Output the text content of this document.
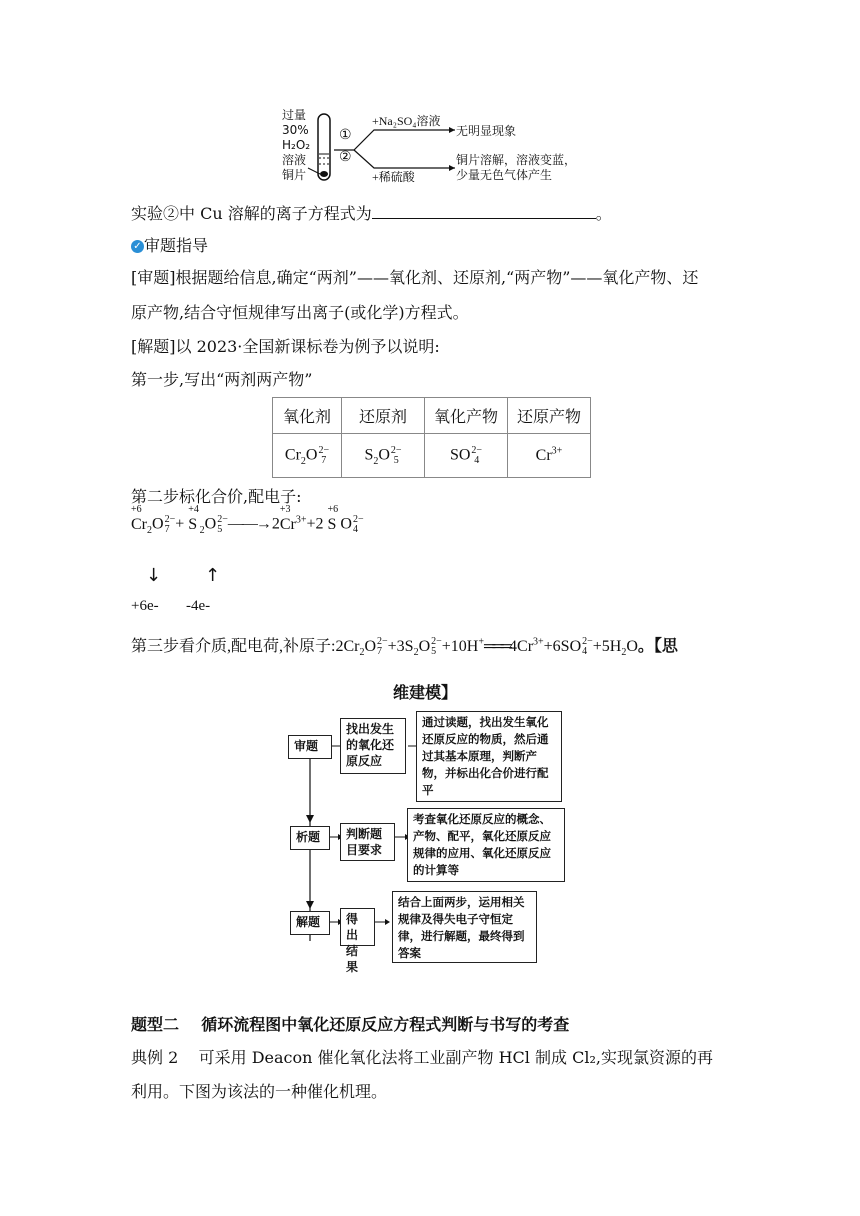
过量
30%
H₂O₂
溶液
铜片
①
②
+Na₂SO₄溶液
无明显现象
+稀硫酸
铜片溶解，溶液变蓝，
少量无色气体产生
实验②中 Cu 溶解的离子方程式为	。
✓ 审题指导
[审题]根据题给信息,确定“两剂”——氧化剂、还原剂,“两产物”——氧化产物、还
原产物,结合守恒规律写出离子(或化学)方程式。
[解题]以 2023·全国新课标卷为例予以说明:
第一步,写出“两剂两产物”
氧化剂	还原剂	氧化产物	还原产物
$Cr_2O$ 2−
7	$S_2O$ 2−
5	SO 2−
4	$Cr^{3+}$
第二步标化合价,配电子:
Cr
+6
$_2$O 2−
7 + S
+4
$_2$O 2−
5 ——→2Cr
+3
$^{3+}$+2 S
+6
O 2−
4
↓ ↑
+6e- -4e-
第三步看介质,配电荷,补原子$:2Cr_2O$ 2−
$7 +3S_2O$ 2−
$5 +10H^+═══4Cr^{3+}+6SO$ 2−
$4 +5H_2O$。【思
维建模】
审题
找出发生的氧化还原反应
通过读题，找出发生氧化还原反应的物质，然后通过其基本原理，判断产物，并标出化合价进行配平
析题	判断题目要求
考查氧化还原反应的概念、产物、配平，氧化还原反应规律的应用、氧化还原反应的计算等
解题	得出结果
结合上面两步，运用相关规律及得失电子守恒定律，进行解题，最终得到答案
题型二    循环流程图中氧化还原反应方程式判断与书写的考查
典例 2    可采用 Deacon 催化氧化法将工业副产物 HCl 制成 Cl₂,实现氯资源的再
利用。下图为该法的一种催化机理。
